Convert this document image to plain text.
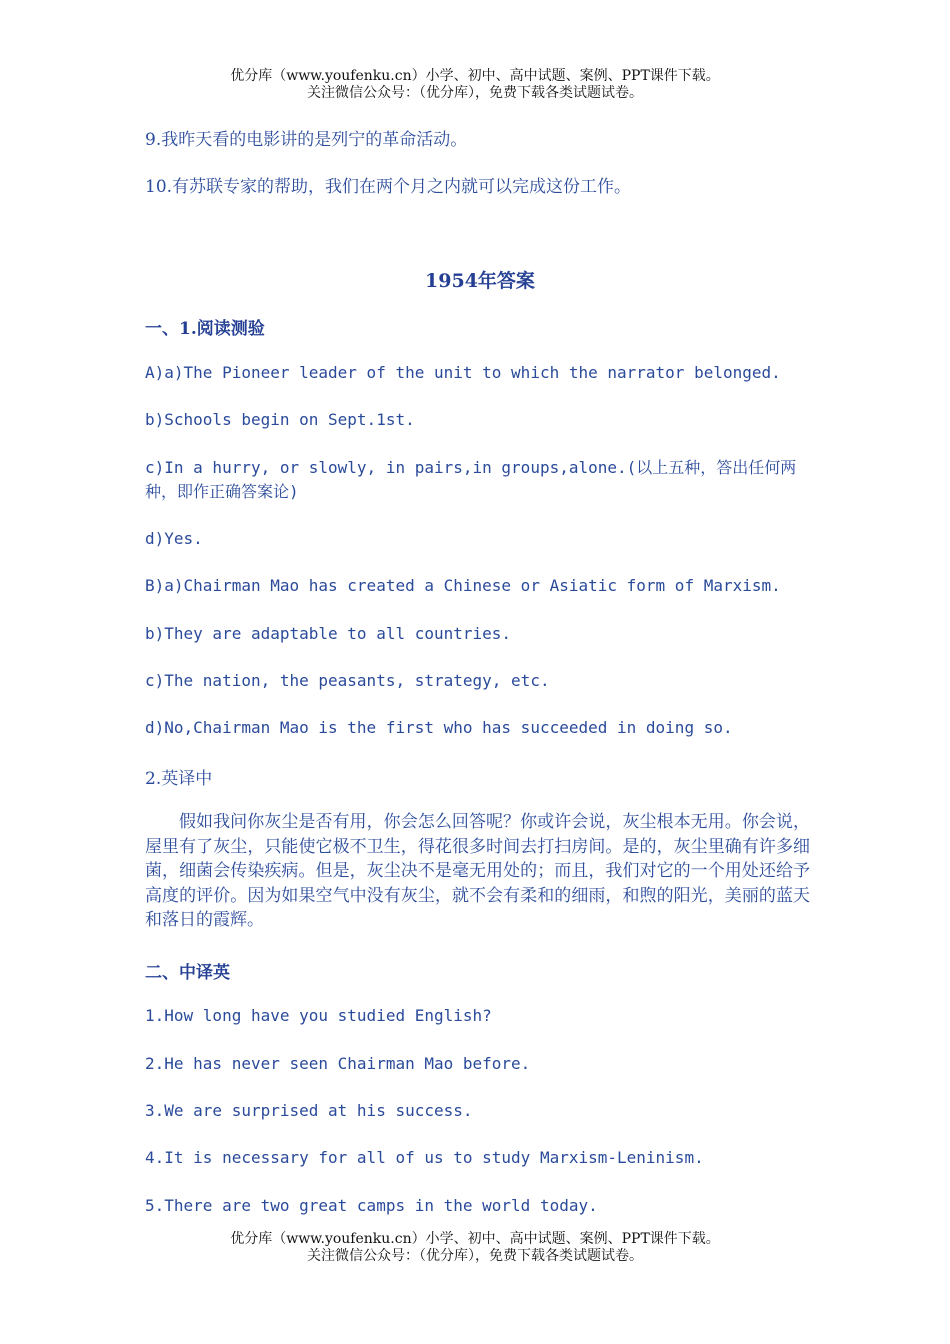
优分库（www.youfenku.cn）小学、初中、高中试题、案例、PPT课件下载。
关注微信公众号：（优分库），免费下载各类试题试卷。
9.我昨天看的电影讲的是列宁的革命活动。
10.有苏联专家的帮助，我们在两个月之内就可以完成这份工作。
1954年答案
一、1.阅读测验
A)a)The Pioneer leader of the unit to which the narrator belonged.
b)Schools begin on Sept.1st.
c)In a hurry, or slowly, in pairs,in groups,alone.(以上五种，答出任何两种，即作正确答案论)
d)Yes.
B)a)Chairman Mao has created a Chinese or Asiatic form of Marxism.
b)They are adaptable to all countries.
c)The nation, the peasants, strategy, etc.
d)No,Chairman Mao is the first who has succeeded in doing so.
2.英译中
假如我问你灰尘是否有用，你会怎么回答呢？你或许会说，灰尘根本无用。你会说，屋里有了灰尘，只能使它极不卫生，得花很多时间去打扫房间。是的，灰尘里确有许多细菌，细菌会传染疾病。但是，灰尘决不是毫无用处的；而且，我们对它的一个用处还给予高度的评价。因为如果空气中没有灰尘，就不会有柔和的细雨，和煦的阳光，美丽的蓝天和落日的霞辉。
二、中译英
1.How long have you studied English?
2.He has never seen Chairman Mao before.
3.We are surprised at his success.
4.It is necessary for all of us to study Marxism-Leninism.
5.There are two great camps in the world today.
优分库（www.youfenku.cn）小学、初中、高中试题、案例、PPT课件下载。
关注微信公众号：（优分库），免费下载各类试题试卷。
